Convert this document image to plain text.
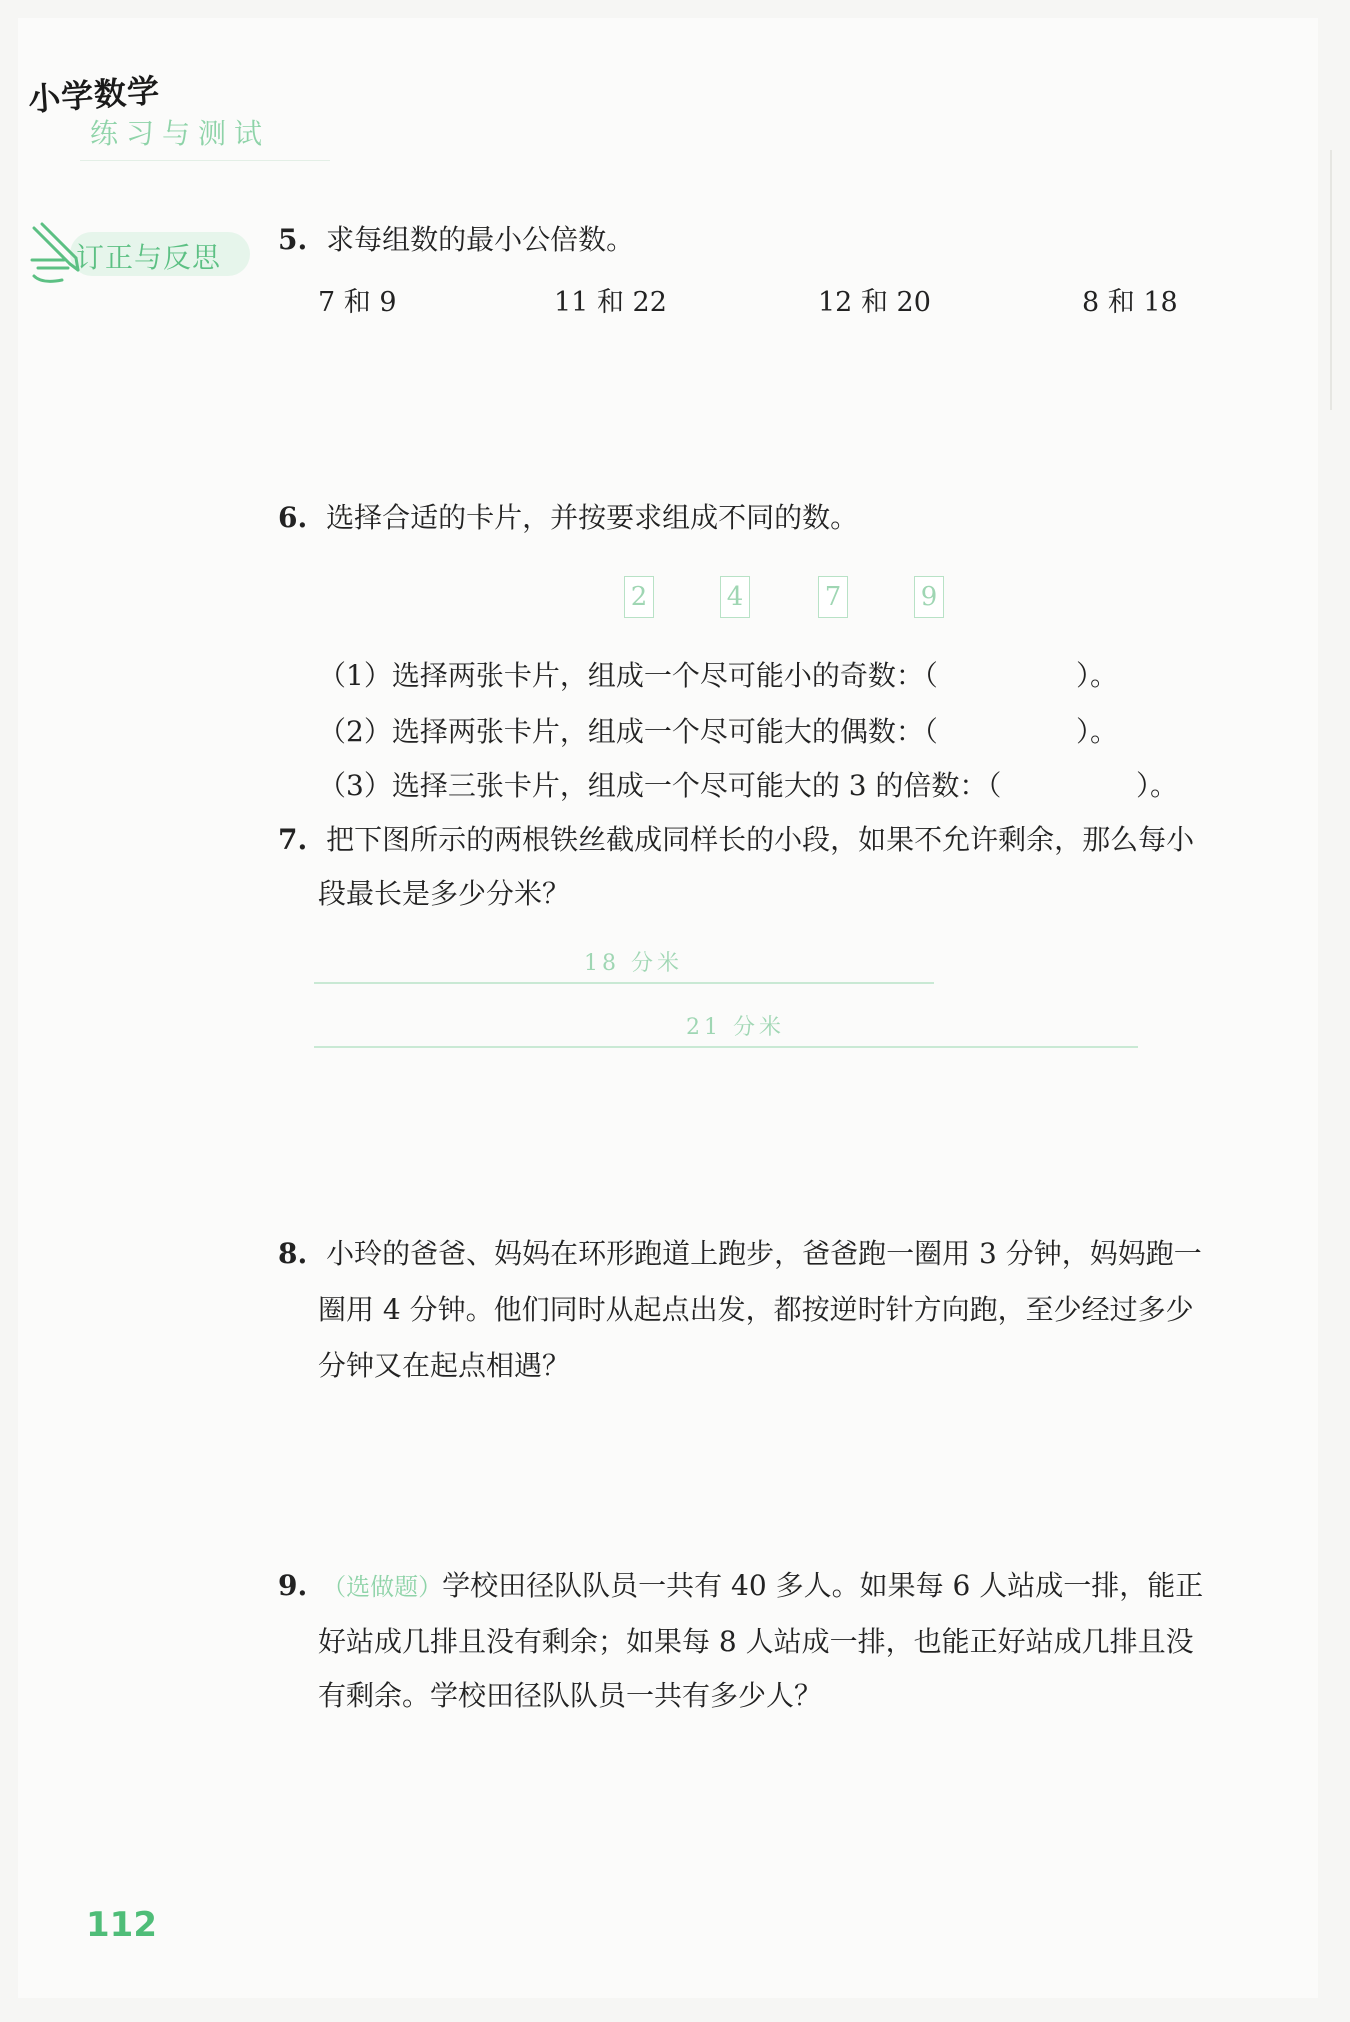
小学数学
练习与测试
订正与反思
5. 求每组数的最小公倍数。
7 和 9	11 和 22	12 和 20	8 和 18
6. 选择合适的卡片，并按要求组成不同的数。
2	4	7	9
（1）选择两张卡片，组成一个尽可能小的奇数：（	）。
（2）选择两张卡片，组成一个尽可能大的偶数：（	）。
（3）选择三张卡片，组成一个尽可能大的 3 的倍数：（	）。
7. 把下图所示的两根铁丝截成同样长的小段，如果不允许剩余，那么每小
段最长是多少分米？
18 分米
21 分米
8. 小玲的爸爸、妈妈在环形跑道上跑步，爸爸跑一圈用 3 分钟，妈妈跑一
圈用 4 分钟。他们同时从起点出发，都按逆时针方向跑，至少经过多少
分钟又在起点相遇？
9. （选做题）学校田径队队员一共有 40 多人。如果每 6 人站成一排，能正
好站成几排且没有剩余；如果每 8 人站成一排，也能正好站成几排且没
有剩余。学校田径队队员一共有多少人？
112
